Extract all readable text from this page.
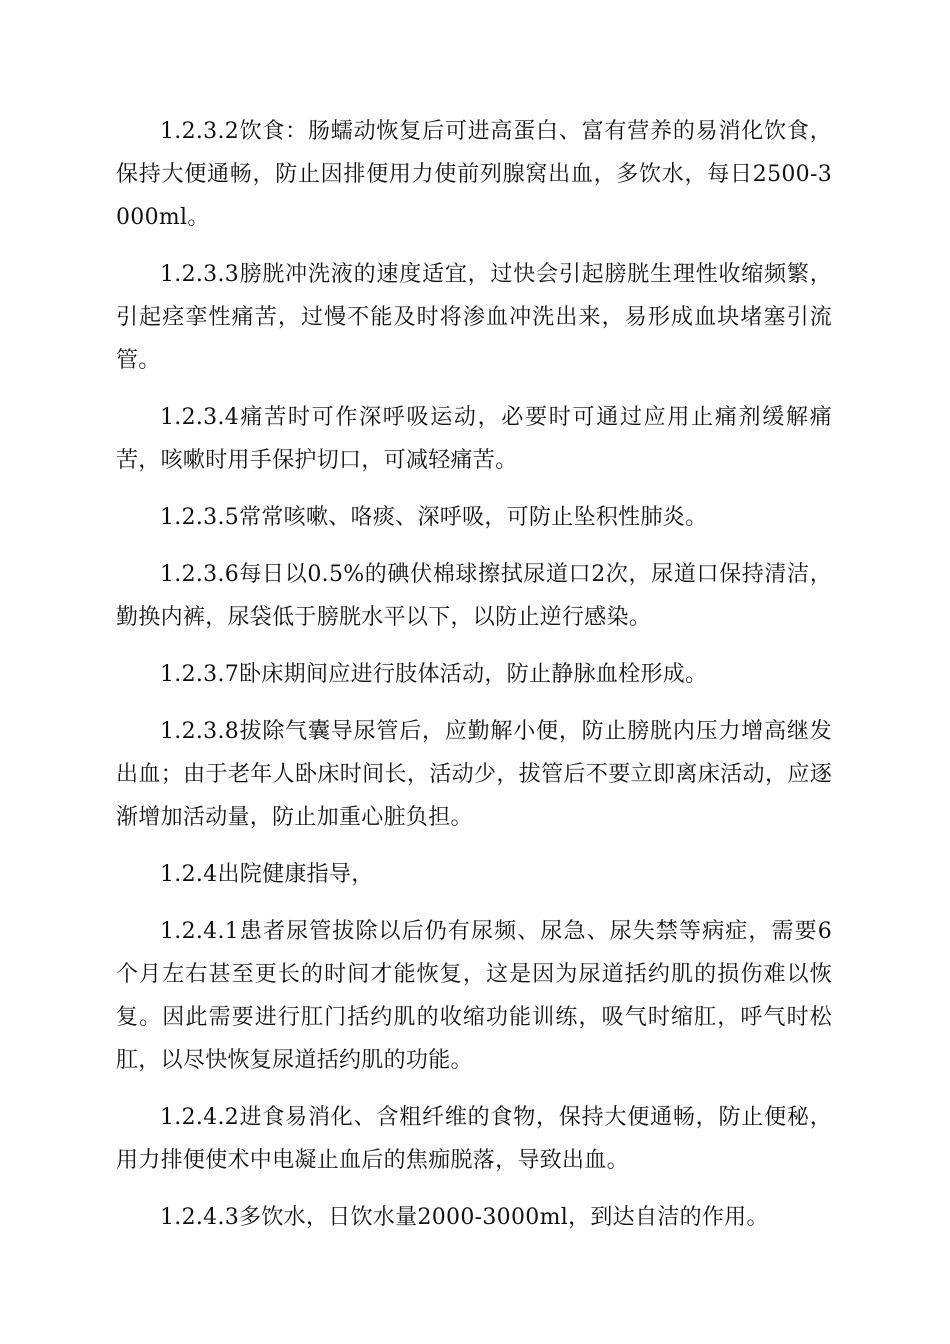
1.2.3.2饮食：肠蠕动恢复后可进高蛋白、富有营养的易消化饮食，保持大便通畅，防止因排便用力使前列腺窝出血，多饮水，每日2500-3000ml。

1.2.3.3膀胱冲洗液的速度适宜，过快会引起膀胱生理性收缩频繁，引起痉挛性痛苦，过慢不能及时将渗血冲洗出来，易形成血块堵塞引流管。

1.2.3.4痛苦时可作深呼吸运动，必要时可通过应用止痛剂缓解痛苦，咳嗽时用手保护切口，可减轻痛苦。

1.2.3.5常常咳嗽、咯痰、深呼吸，可防止坠积性肺炎。

1.2.3.6每日以0.5%的碘伏棉球擦拭尿道口2次，尿道口保持清洁，勤换内裤，尿袋低于膀胱水平以下，以防止逆行感染。

1.2.3.7卧床期间应进行肢体活动，防止静脉血栓形成。

1.2.3.8拔除气囊导尿管后，应勤解小便，防止膀胱内压力增高继发出血；由于老年人卧床时间长，活动少，拔管后不要立即离床活动，应逐渐增加活动量，防止加重心脏负担。

1.2.4出院健康指导，

1.2.4.1患者尿管拔除以后仍有尿频、尿急、尿失禁等病症，需要6个月左右甚至更长的时间才能恢复，这是因为尿道括约肌的损伤难以恢复。因此需要进行肛门括约肌的收缩功能训练，吸气时缩肛，呼气时松肛，以尽快恢复尿道括约肌的功能。

1.2.4.2进食易消化、含粗纤维的食物，保持大便通畅，防止便秘，用力排便使术中电凝止血后的焦痂脱落，导致出血。

1.2.4.3多饮水，日饮水量2000-3000ml，到达自洁的作用。
